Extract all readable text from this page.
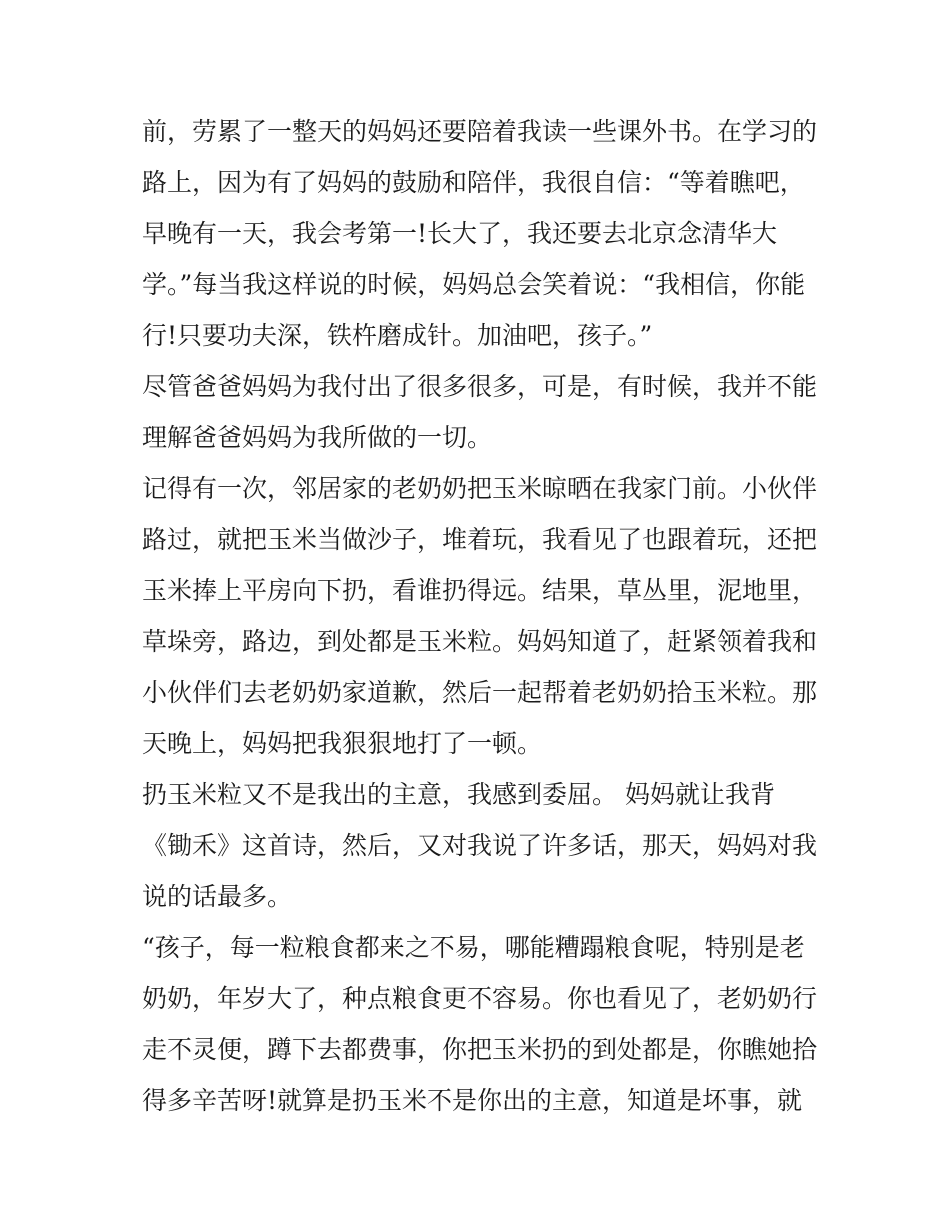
前，劳累了一整天的妈妈还要陪着我读一些课外书。在学习的
路上，因为有了妈妈的鼓励和陪伴，我很自信：“等着瞧吧，
早晚有一天，我会考第一!长大了，我还要去北京念清华大
学。”每当我这样说的时候，妈妈总会笑着说：“我相信，你能
行!只要功夫深，铁杵磨成针。加油吧，孩子。”
尽管爸爸妈妈为我付出了很多很多，可是，有时候，我并不能
理解爸爸妈妈为我所做的一切。
记得有一次，邻居家的老奶奶把玉米晾晒在我家门前。小伙伴
路过，就把玉米当做沙子，堆着玩，我看见了也跟着玩，还把
玉米捧上平房向下扔，看谁扔得远。结果，草丛里，泥地里，
草垛旁，路边，到处都是玉米粒。妈妈知道了，赶紧领着我和
小伙伴们去老奶奶家道歉，然后一起帮着老奶奶拾玉米粒。那
天晚上，妈妈把我狠狠地打了一顿。
扔玉米粒又不是我出的主意，我感到委屈。 妈妈就让我背
《锄禾》这首诗，然后，又对我说了许多话，那天，妈妈对我
说的话最多。
“孩子，每一粒粮食都来之不易，哪能糟蹋粮食呢，特别是老
奶奶，年岁大了，种点粮食更不容易。你也看见了，老奶奶行
走不灵便，蹲下去都费事，你把玉米扔的到处都是，你瞧她拾
得多辛苦呀!就算是扔玉米不是你出的主意，知道是坏事，就
